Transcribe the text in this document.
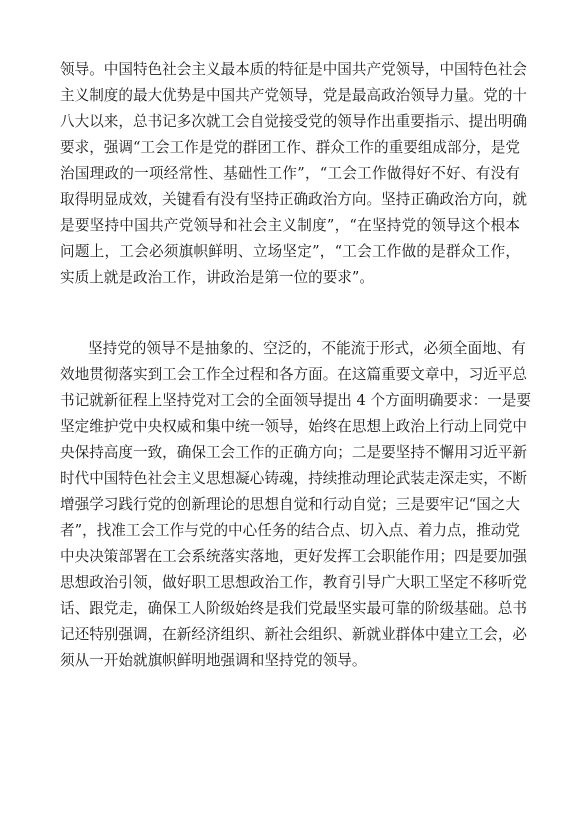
领导。中国特色社会主义最本质的特征是中国共产党领导，中国特色社会
主义制度的最大优势是中国共产党领导，党是最高政治领导力量。党的十
八大以来，总书记多次就工会自觉接受党的领导作出重要指示、提出明确
要求，强调“工会工作是党的群团工作、群众工作的重要组成部分，是党
治国理政的一项经常性、基础性工作”，“工会工作做得好不好、有没有
取得明显成效，关键看有没有坚持正确政治方向。坚持正确政治方向，就
是要坚持中国共产党领导和社会主义制度”，“在坚持党的领导这个根本
问题上，工会必须旗帜鲜明、立场坚定”，“工会工作做的是群众工作，
实质上就是政治工作，讲政治是第一位的要求”。
坚持党的领导不是抽象的、空泛的，不能流于形式，必须全面地、有
效地贯彻落实到工会工作全过程和各方面。在这篇重要文章中，习近平总
书记就新征程上坚持党对工会的全面领导提出 4 个方面明确要求：一是要
坚定维护党中央权威和集中统一领导，始终在思想上政治上行动上同党中
央保持高度一致，确保工会工作的正确方向；二是要坚持不懈用习近平新
时代中国特色社会主义思想凝心铸魂，持续推动理论武装走深走实，不断
增强学习践行党的创新理论的思想自觉和行动自觉；三是要牢记“国之大
者”，找准工会工作与党的中心任务的结合点、切入点、着力点，推动党
中央决策部署在工会系统落实落地，更好发挥工会职能作用；四是要加强
思想政治引领，做好职工思想政治工作，教育引导广大职工坚定不移听党
话、跟党走，确保工人阶级始终是我们党最坚实最可靠的阶级基础。总书
记还特别强调，在新经济组织、新社会组织、新就业群体中建立工会，必
须从一开始就旗帜鲜明地强调和坚持党的领导。
